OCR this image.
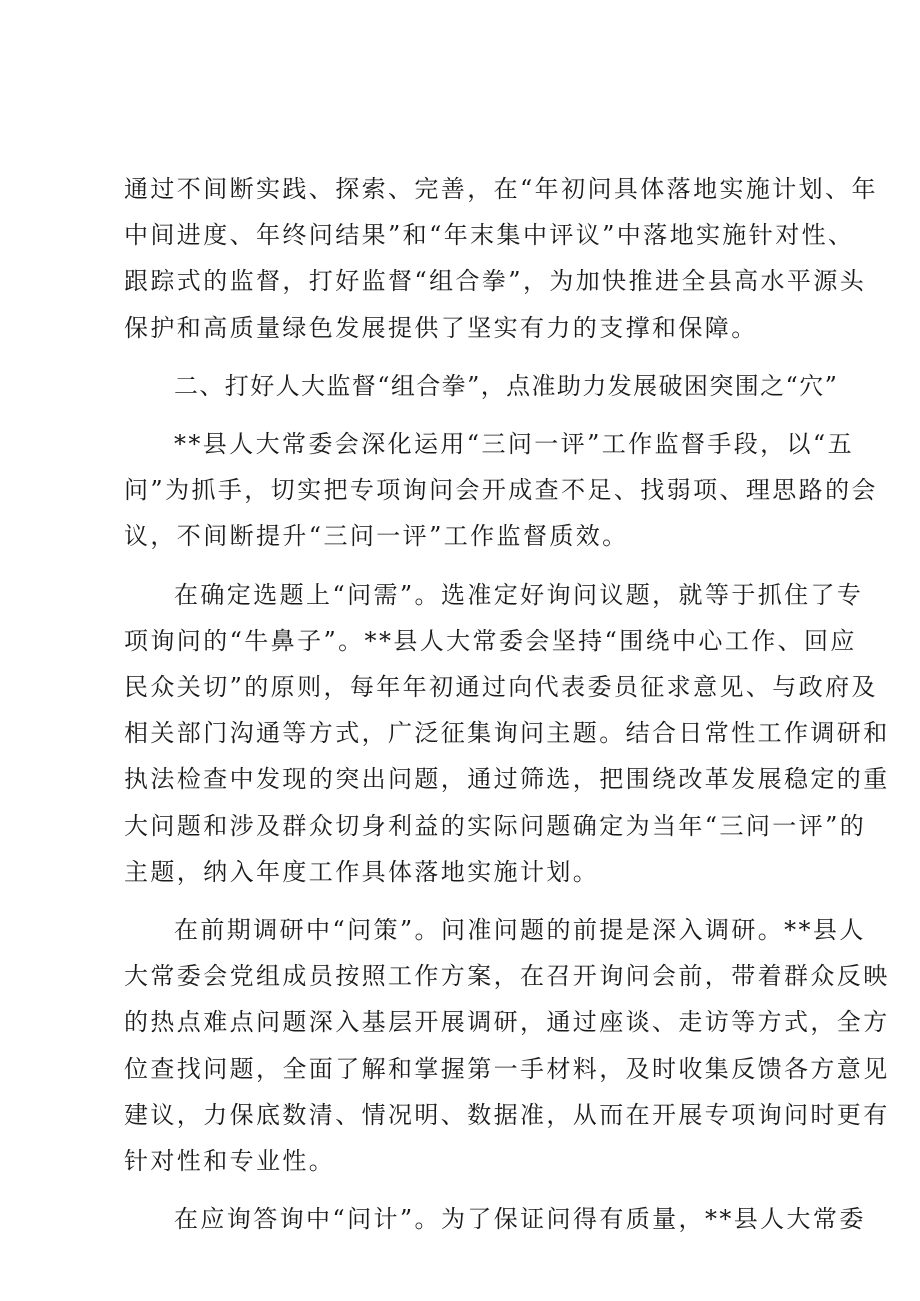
通过不间断实践、探索、完善，在“年初问具体落地实施计划、年
中间进度、年终问结果”和“年末集中评议”中落地实施针对性、
跟踪式的监督，打好监督“组合拳”，为加快推进全县高水平源头
保护和高质量绿色发展提供了坚实有力的支撑和保障。
二、打好人大监督“组合拳”，点准助力发展破困突围之“穴”
**县人大常委会深化运用“三问一评”工作监督手段，以“五
问”为抓手，切实把专项询问会开成查不足、找弱项、理思路的会
议，不间断提升“三问一评”工作监督质效。
在确定选题上“问需”。选准定好询问议题，就等于抓住了专
项询问的“牛鼻子”。**县人大常委会坚持“围绕中心工作、回应
民众关切”的原则，每年年初通过向代表委员征求意见、与政府及
相关部门沟通等方式，广泛征集询问主题。结合日常性工作调研和
执法检查中发现的突出问题，通过筛选，把围绕改革发展稳定的重
大问题和涉及群众切身利益的实际问题确定为当年“三问一评”的
主题，纳入年度工作具体落地实施计划。
在前期调研中“问策”。问准问题的前提是深入调研。**县人
大常委会党组成员按照工作方案，在召开询问会前，带着群众反映
的热点难点问题深入基层开展调研，通过座谈、走访等方式，全方
位查找问题，全面了解和掌握第一手材料，及时收集反馈各方意见
建议，力保底数清、情况明、数据准，从而在开展专项询问时更有
针对性和专业性。
在应询答询中“问计”。为了保证问得有质量，**县人大常委
